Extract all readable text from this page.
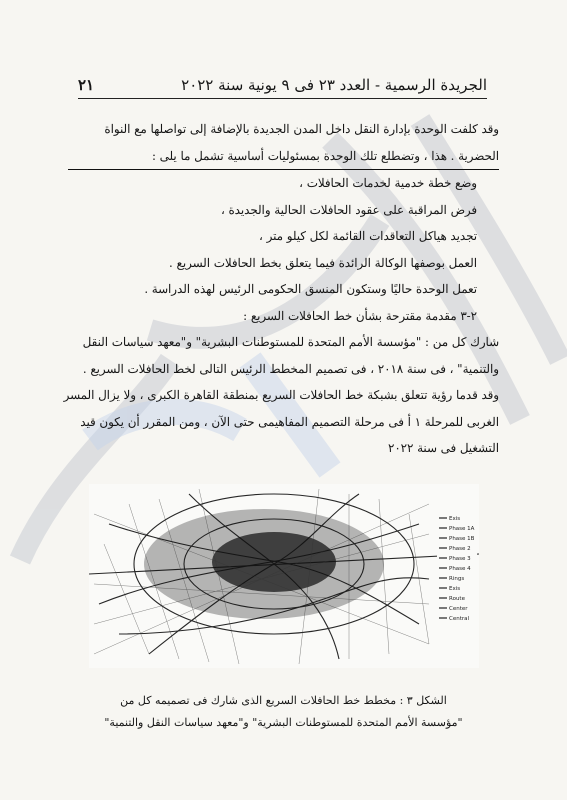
٢١	الجريدة الرسمية - العدد ٢٣ فى ٩ يونية سنة ٢٠٢٢

وقد كلفت الوحدة بإدارة النقل داخل المدن الجديدة بالإضافة إلى تواصلها مع النواة

الحضرية . هذا ، وتضطلع تلك الوحدة بمسئوليات أساسية تشمل ما يلى :

وضع خطة خدمية لخدمات الحافلات ،

فرض المراقبة على عقود الحافلات الحالية والجديدة ،

تجديد هياكل التعاقدات القائمة لكل كيلو متر ،

العمل بوصفها الوكالة الرائدة فيما يتعلق بخط الحافلات السريع .

تعمل الوحدة حاليًا وستكون المنسق الحكومى الرئيس لهذه الدراسة .

٢-٣ مقدمة مقترحة بشأن خط الحافلات السريع :

شارك كل من : "مؤسسة الأمم المتحدة للمستوطنات البشرية" و"معهد سياسات النقل

والتنمية" ، فى سنة ٢٠١٨ ، فى تصميم المخطط الرئيس التالى لخط الحافلات السريع .

وقد قدما رؤية تتعلق بشبكة خط الحافلات السريع بمنطقة القاهرة الكبرى ، ولا يزال المسر

الغربى للمرحلة ١ أ فى مرحلة التصميم المفاهيمى حتى الآن ، ومن المقرر أن يكون قيد

التشغيل فى سنة ٢٠٢٢

Exis
Phase 1A
Phase 1B
Phase 2
Phase 3
Phase 4
Rings
Exis
Route
Center
Central

الشكل ٣ : مخطط خط الحافلات السريع الذى شارك فى تصميمه كل من

"مؤسسة الأمم المتحدة للمستوطنات البشرية" و"معهد سياسات النقل والتنمية"
